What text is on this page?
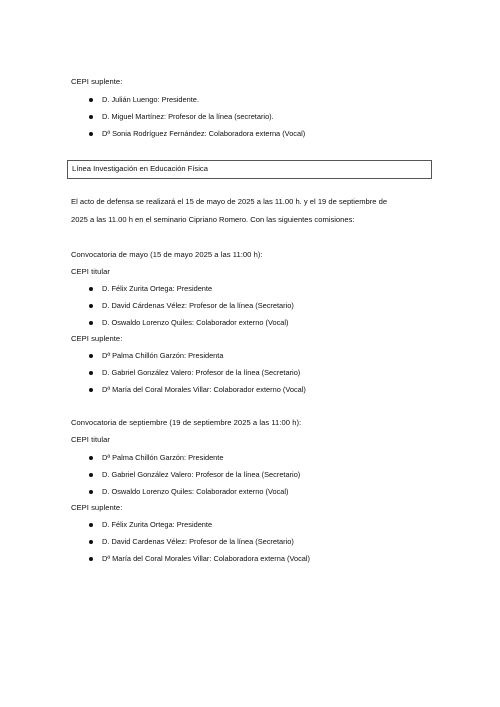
CEPI suplente:
D. Julián Luengo: Presidente.
D. Miguel Martínez: Profesor de la línea (secretario).
Dª Sonia Rodríguez Fernández: Colaboradora externa (Vocal)
Línea Investigación en Educación Física
El acto de defensa se realizará el 15 de mayo de 2025 a las 11.00 h. y el 19 de septiembre de
2025 a las 11.00 h en el seminario Cipriano Romero. Con las siguientes comisiones:
Convocatoria de mayo (15 de mayo 2025 a las 11:00 h):
CEPI titular
D. Félix Zurita Ortega: Presidente
D. David Cárdenas Vélez: Profesor de la línea (Secretario)
D. Oswaldo Lorenzo Quiles: Colaborador externo (Vocal)
CEPI suplente:
Dª Palma Chillón Garzón: Presidenta
D. Gabriel González Valero: Profesor de la línea (Secretario)
Dª María del Coral Morales Villar: Colaborador externo (Vocal)
Convocatoria de septiembre (19 de septiembre 2025 a las 11:00 h):
CEPI titular
Dª Palma Chillón Garzón: Presidente
D. Gabriel González Valero: Profesor de la línea (Secretario)
D. Oswaldo Lorenzo Quiles: Colaborador externo (Vocal)
CEPI suplente:
D. Félix Zurita Ortega: Presidente
D. David Cardenas Vélez: Profesor de la línea (Secretario)
Dª María del Coral Morales Villar: Colaboradora externa (Vocal)
